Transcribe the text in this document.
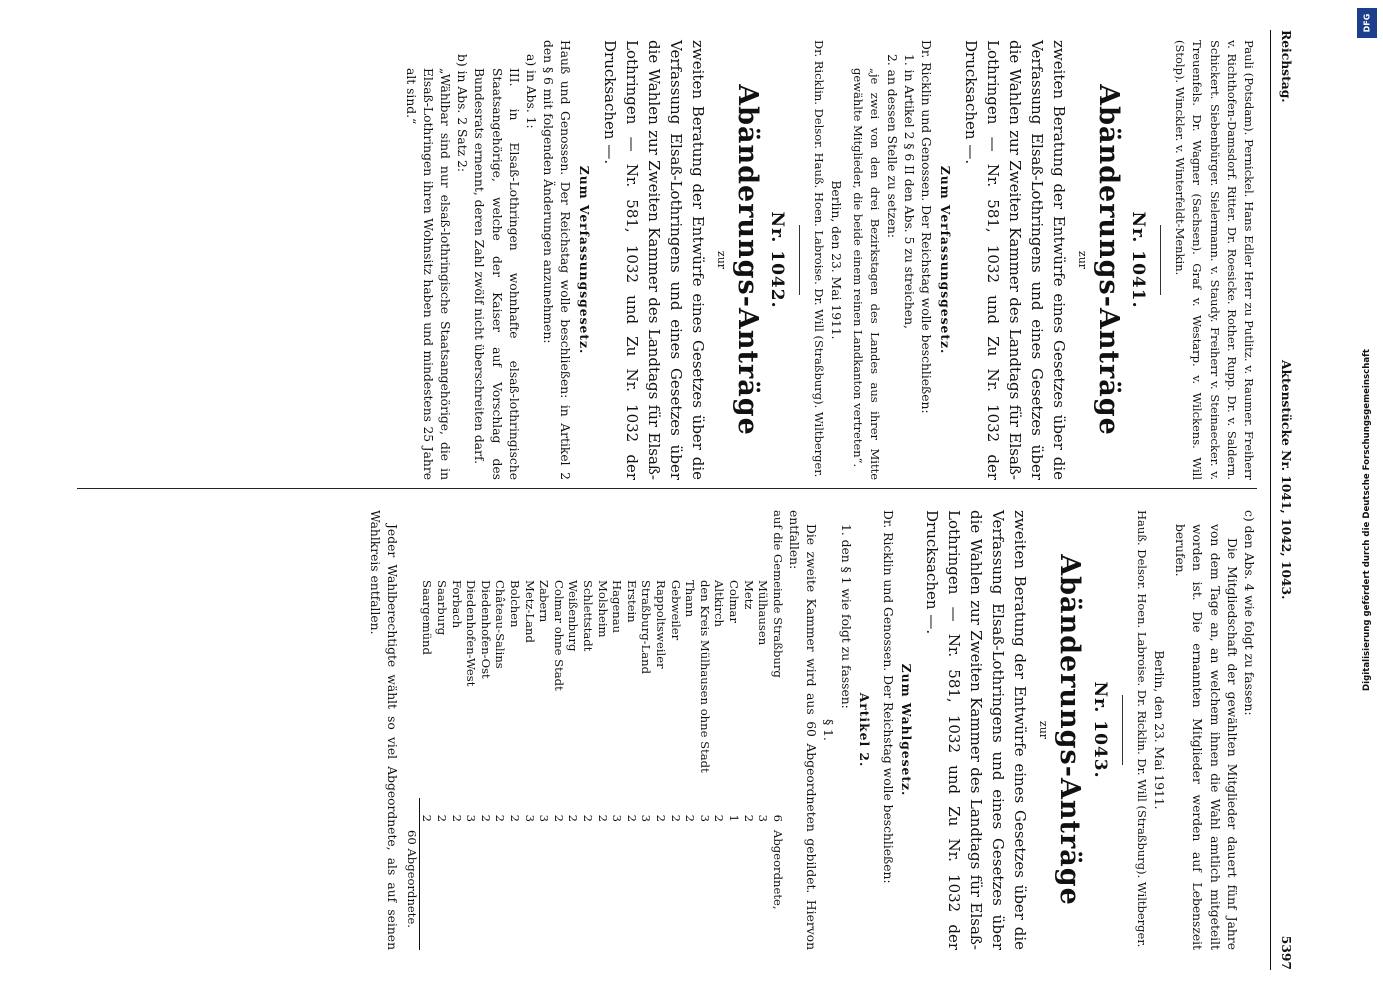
Reichstag.
Aktenstücke Nr. 1041, 1042, 1043.
5397

Pauli (Potsdam). Pernickel. Hans Edler Herr zu Putlitz. v. Raumer. Freiherr v. Richthofen-Damsdorf. Ritter. Dr. Roesicke. Rother. Rupp. Dr. v. Saldern. Schickert. Siebenbürger. Sielermann. v. Staudy. Freiherr v. Steinaecker. v. Treuenfels. Dr. Wagner (Sachsen). Graf v. Westarp. v. Wilckens. Will (Stolp). Winckler. v. Winterfeldt-Menkin.

Nr. 1041.
Abänderungs-Anträge
zur

zweiten Beratung der Entwürfe eines Gesetzes über die Verfassung Elsaß-Lothringens und eines Gesetzes über die Wahlen zur Zweiten Kammer des Landtags für Elsaß-Lothringen — Nr. 581, 1032 und Zu Nr. 1032 der Drucksachen —.

Zum Verfassungsgesetz.

Dr. Ricklin und Genossen. Der Reichstag wolle beschließen:

1. in Artikel 2 § 6 II den Abs. 5 zu streichen,

2. an dessen Stelle zu setzen:

„je zwei von den drei Bezirkstagen des Landes aus ihrer Mitte gewählte Mitglieder, die beide einem reinen Landkanton vertreten“.

Berlin, den 23. Mai 1911.

Dr. Ricklin. Delsor. Hauß. Hoen. Labroise. Dr. Will (Straßburg). Wiltberger.

Nr. 1042.
Abänderungs-Anträge
zur

zweiten Beratung der Entwürfe eines Gesetzes über die Verfassung Elsaß-Lothringens und eines Gesetzes über die Wahlen zur Zweiten Kammer des Landtags für Elsaß-Lothringen — Nr. 581, 1032 und Zu Nr. 1032 der Drucksachen —.

Zum Verfassungsgesetz.

Hauß und Genossen. Der Reichstag wolle beschließen: in Artikel 2 den § 6 mit folgenden Änderungen anzunehmen:

a) in Abs. 1:

III. in Elsaß-Lothringen wohnhafte elsaß-lothringische Staatsangehörige, welche der Kaiser auf Vorschlag des Bundesrats ernennt, deren Zahl zwölf nicht überschreiten darf.

b) in Abs. 2 Satz 2:

„Wählbar sind nur elsaß-lothringische Staatsangehörige, die in Elsaß-Lothringen ihren Wohnsitz haben und mindestens 25 Jahre alt sind.“

c) den Abs. 4 wie folgt zu fassen:

Die Mitgliedschaft der gewählten Mitglieder dauert fünf Jahre von dem Tage an, an welchem ihnen die Wahl amtlich mitgeteilt worden ist. Die ernannten Mitglieder werden auf Lebenszeit berufen.

Berlin, den 23. Mai 1911.

Hauß. Delsor. Hoen. Labroise. Dr. Ricklin. Dr. Will (Straßburg). Wiltberger.

Nr. 1043.
Abänderungs-Anträge
zur

zweiten Beratung der Entwürfe eines Gesetzes über die Verfassung Elsaß-Lothringens und eines Gesetzes über die Wahlen zur Zweiten Kammer des Landtags für Elsaß-Lothringen — Nr. 581, 1032 und Zu Nr. 1032 der Drucksachen —.

Zum Wahlgesetz.

Dr. Ricklin und Genossen. Der Reichstag wolle beschließen:

Artikel 2.

1. den § 1 wie folgt zu fassen:

§ 1.

Die zweite Kammer wird aus 60 Abgeordneten gebildet. Hiervon entfallen:

auf die Gemeinde Straßburg	6	Abgeordnete,
Mülhausen	3	
Metz	2	
Colmar	1	
Altkirch	2	
den Kreis Mülhausen ohne Stadt	3	
Thann	2	
Gebweiler	2	
Rappoltsweiler	2	
Straßburg-Land	3	
Erstein	2	
Hagenau	3	
Molsheim	2	
Schlettstadt	2	
Weißenburg	2	
Colmar ohne Stadt	2	
Zabern	3	
Metz-Land	3	
Bolchen	2	
Château-Salins	2	
Diedenhofen-Ost	2	
Diedenhofen-West	3	
Forbach	2	
Saarburg	2	
Saargemünd	2	
		60 Abgeordnete.

Jeder Wahlberechtigte wählt so viel Abgeordnete, als auf seinen Wahlkreis entfallen.

DFG
Digitalisierung gefördert durch die Deutsche Forschungsgemeinschaft
